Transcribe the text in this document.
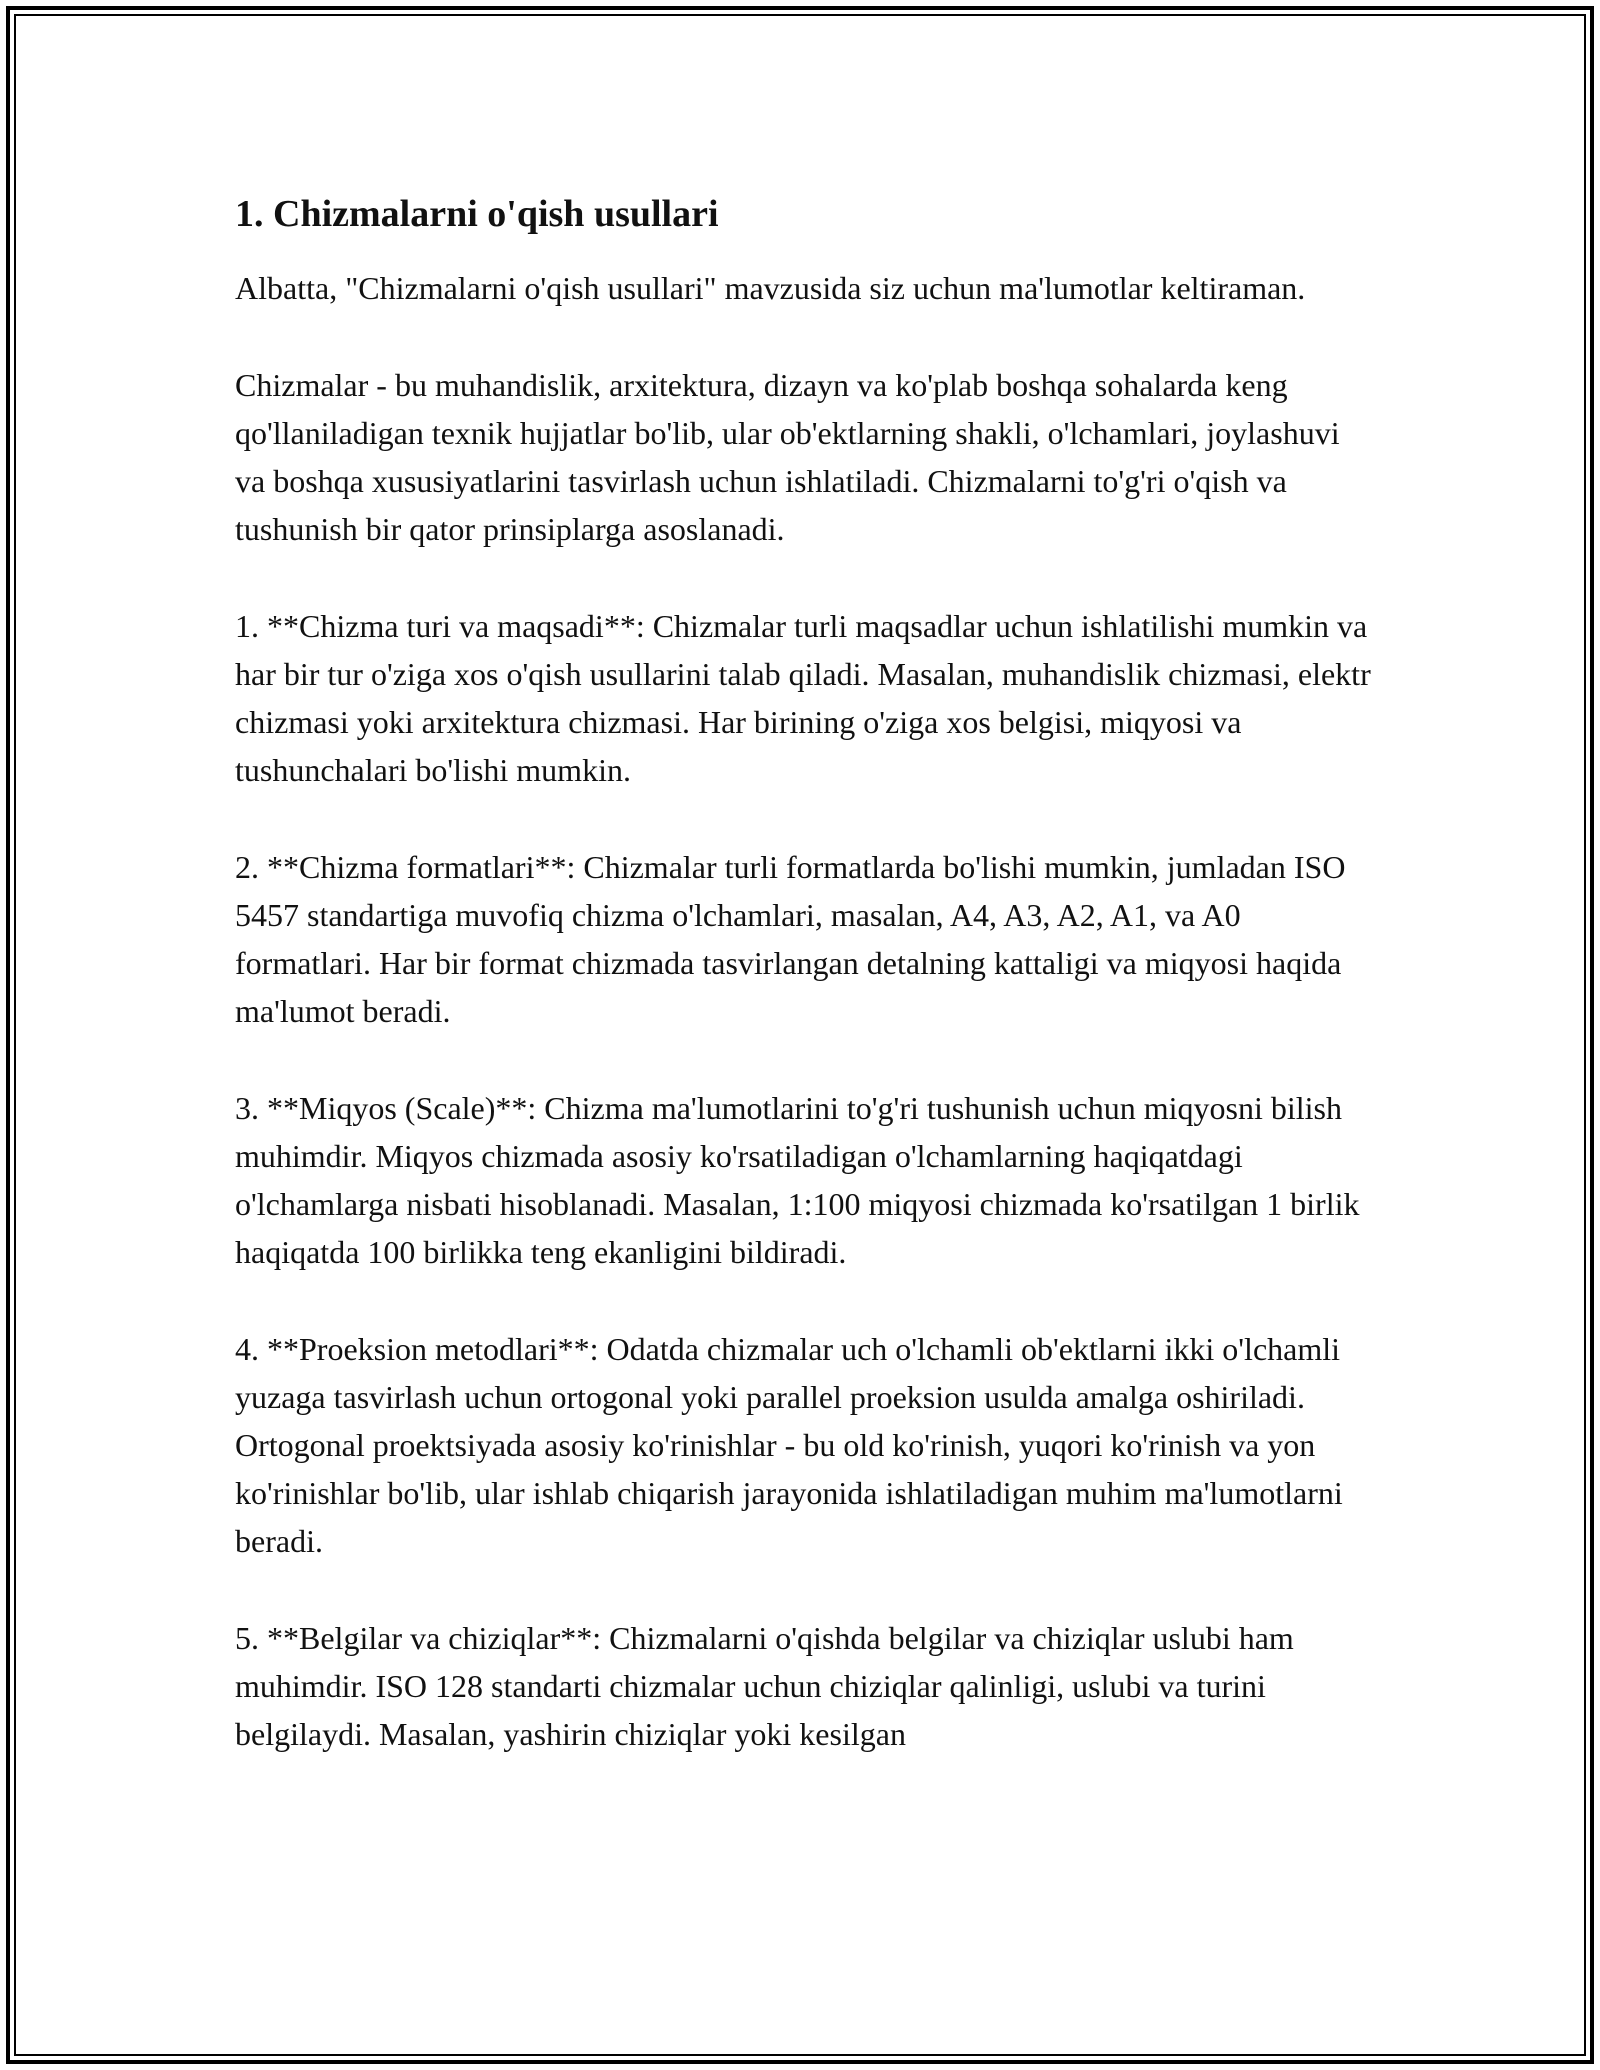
1. Chizmalarni o'qish usullari

Albatta, "Chizmalarni o'qish usullari" mavzusida siz uchun ma'lumotlar keltiraman.

Chizmalar - bu muhandislik, arxitektura, dizayn va ko'plab boshqa sohalarda keng qo'llaniladigan texnik hujjatlar bo'lib, ular ob'ektlarning shakli, o'lchamlari, joylashuvi va boshqa xususiyatlarini tasvirlash uchun ishlatiladi. Chizmalarni to'g'ri o'qish va tushunish bir qator prinsiplarga asoslanadi.

1. **Chizma turi va maqsadi**: Chizmalar turli maqsadlar uchun ishlatilishi mumkin va har bir tur o'ziga xos o'qish usullarini talab qiladi. Masalan, muhandislik chizmasi, elektr chizmasi yoki arxitektura chizmasi. Har birining o'ziga xos belgisi, miqyosi va tushunchalari bo'lishi mumkin.

2. **Chizma formatlari**: Chizmalar turli formatlarda bo'lishi mumkin, jumladan ISO 5457 standartiga muvofiq chizma o'lchamlari, masalan, A4, A3, A2, A1, va A0 formatlari. Har bir format chizmada tasvirlangan detalning kattaligi va miqyosi haqida ma'lumot beradi.

3. **Miqyos (Scale)**: Chizma ma'lumotlarini to'g'ri tushunish uchun miqyosni bilish muhimdir. Miqyos chizmada asosiy ko'rsatiladigan o'lchamlarning haqiqatdagi o'lchamlarga nisbati hisoblanadi. Masalan, 1:100 miqyosi chizmada ko'rsatilgan 1 birlik haqiqatda 100 birlikka teng ekanligini bildiradi.

4. **Proeksion metodlari**: Odatda chizmalar uch o'lchamli ob'ektlarni ikki o'lchamli yuzaga tasvirlash uchun ortogonal yoki parallel proeksion usulda amalga oshiriladi. Ortogonal proektsiyada asosiy ko'rinishlar - bu old ko'rinish, yuqori ko'rinish va yon ko'rinishlar bo'lib, ular ishlab chiqarish jarayonida ishlatiladigan muhim ma'lumotlarni beradi.

5. **Belgilar va chiziqlar**: Chizmalarni o'qishda belgilar va chiziqlar uslubi ham muhimdir. ISO 128 standarti chizmalar uchun chiziqlar qalinligi, uslubi va turini belgilaydi. Masalan, yashirin chiziqlar yoki kesilgan
